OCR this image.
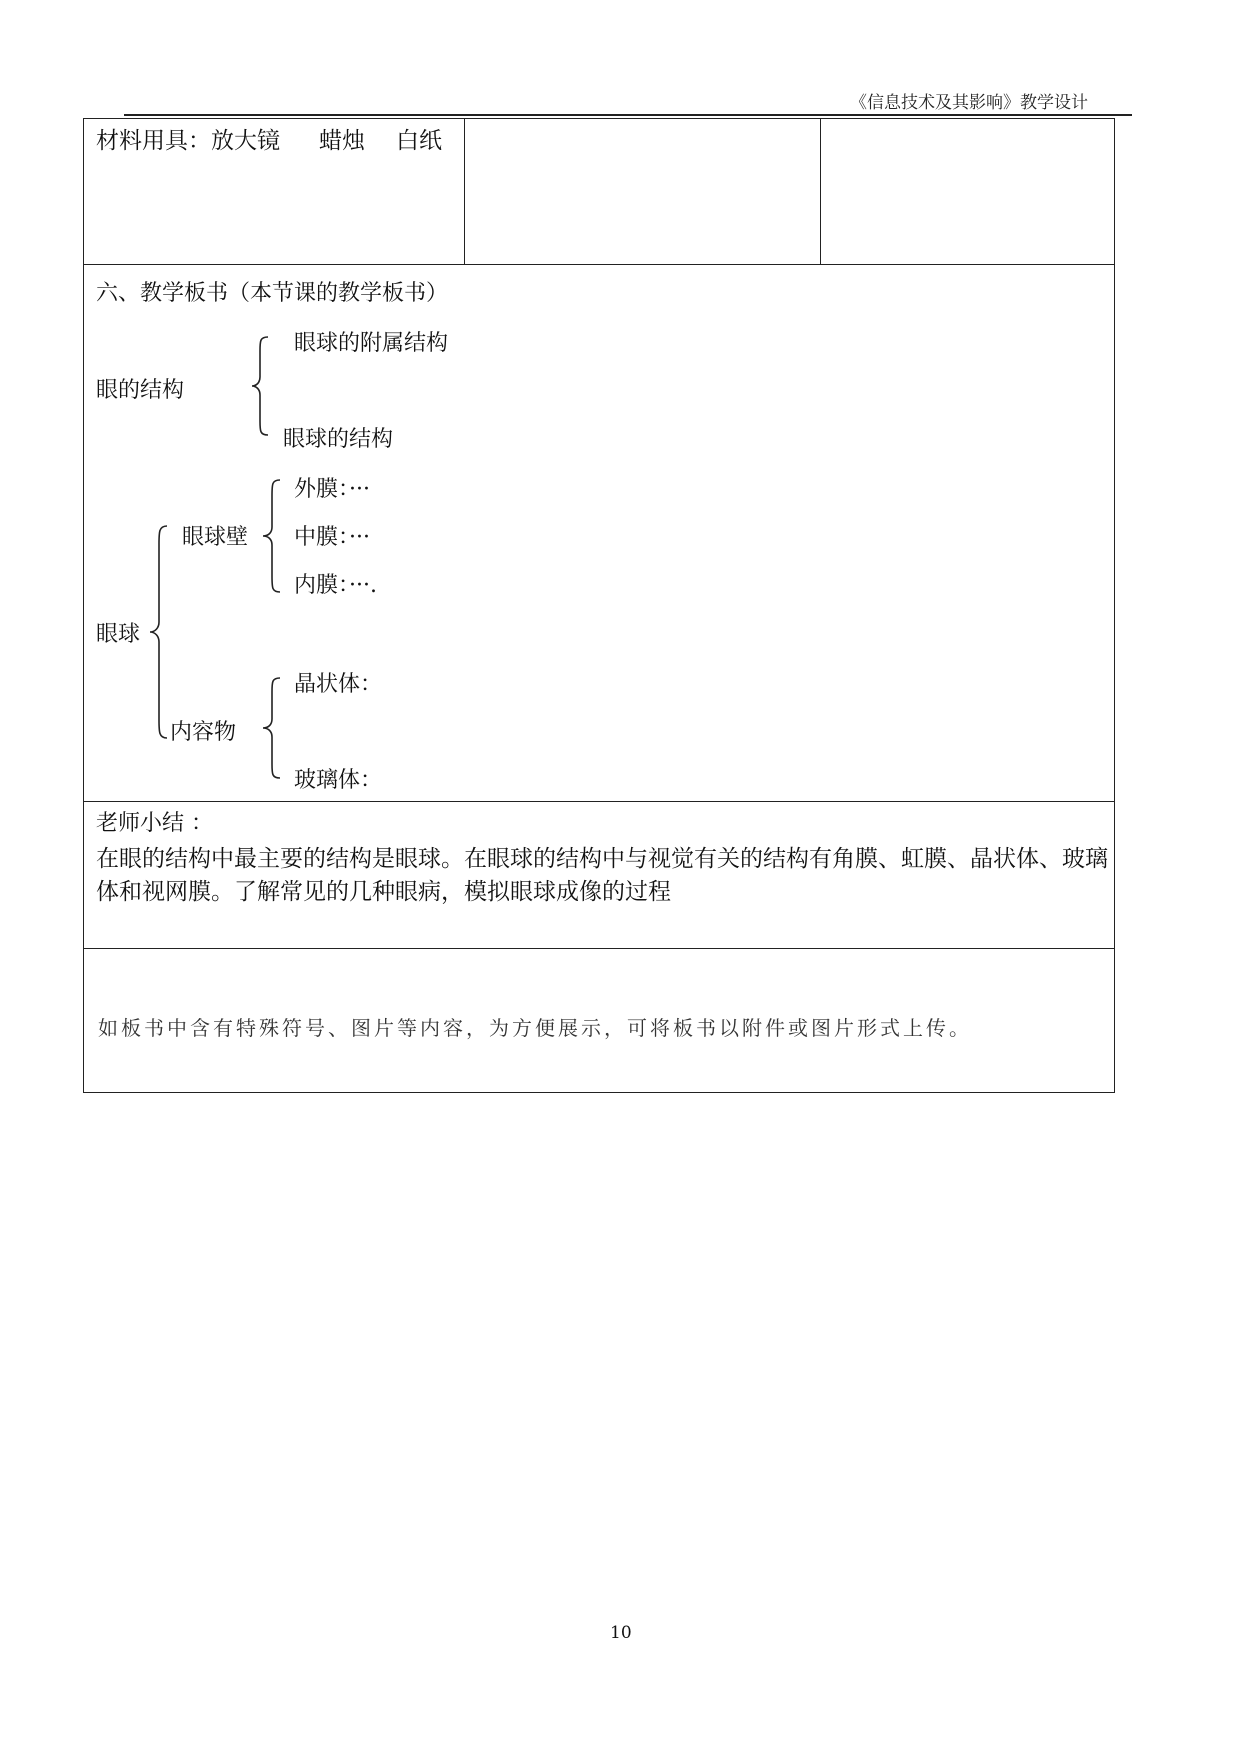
《信息技术及其影响》教学设计
材料用具：放大镜 蜡烛 白纸
六、教学板书（本节课的教学板书）
眼的结构
眼球的附属结构
眼球的结构
眼球
眼球壁
外膜：···
中膜：···
内膜：···.
内容物
晶状体：
玻璃体：
老师小结 ：
在眼的结构中最主要的结构是眼球。在眼球的结构中与视觉有关的结构有角膜、虹膜、晶状体、玻璃体和视网膜。了解常见的几种眼病，模拟眼球成像的过程
如板书中含有特殊符号、图片等内容，为方便展示，可将板书以附件或图片形式上传。
10
